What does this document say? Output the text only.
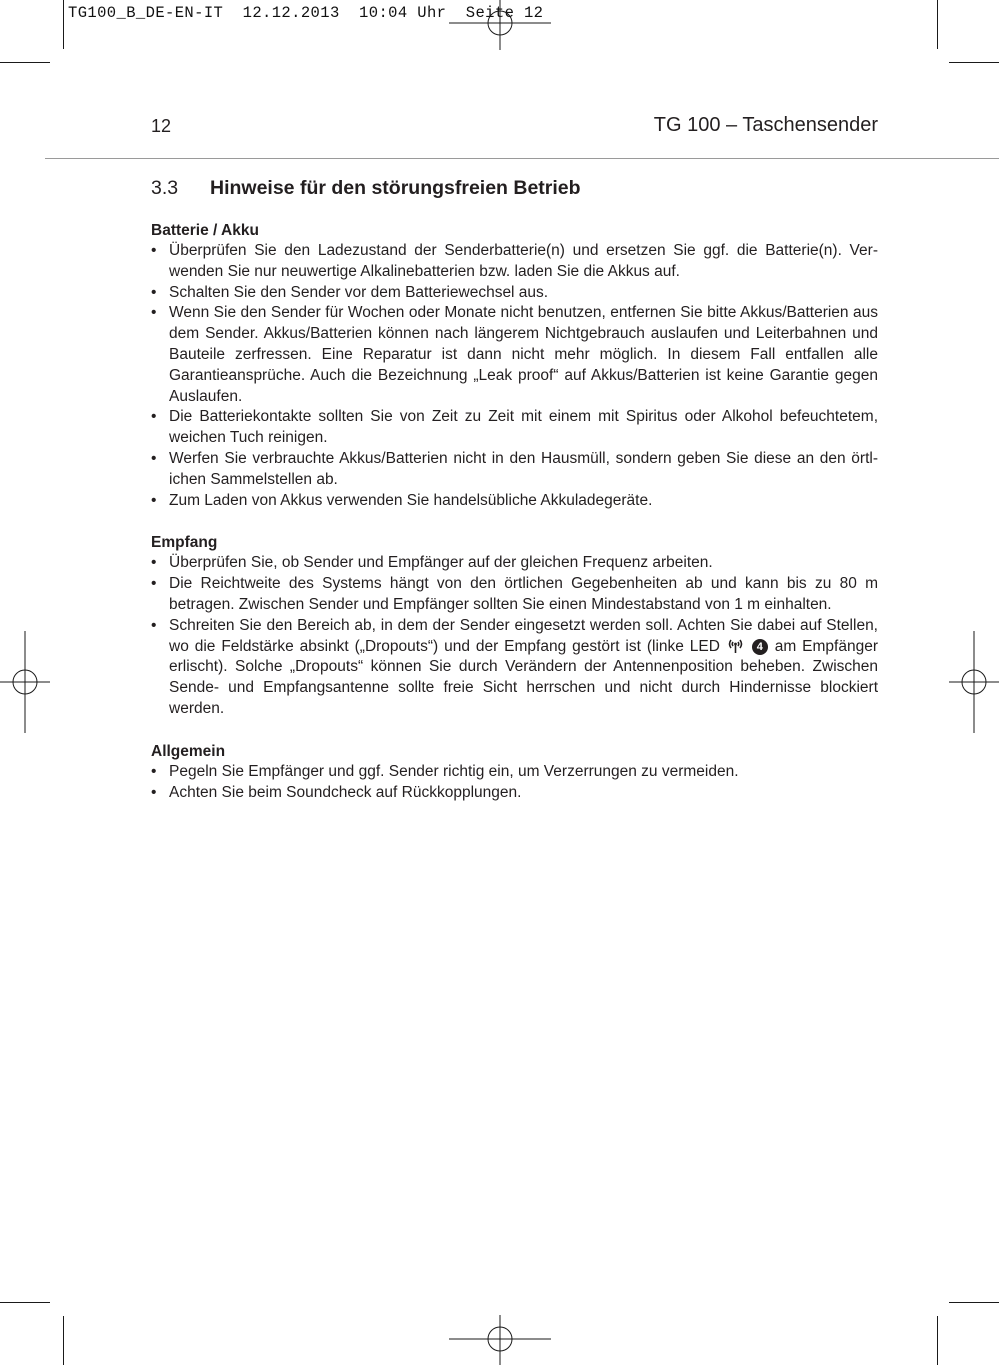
TG100_B_DE-EN-IT  12.12.2013  10:04 Uhr  Seite 12
12	TG 100 – Taschensender
3.3 Hinweise für den störungsfreien Betrieb
Batterie / Akku
• Überprüfen Sie den Ladezustand der Senderbatterie(n) und ersetzen Sie ggf. die Batterie(n). Verwenden Sie nur neuwertige Alkalinebatterien bzw. laden Sie die Akkus auf.
• Schalten Sie den Sender vor dem Batteriewechsel aus.
• Wenn Sie den Sender für Wochen oder Monate nicht benutzen, entfernen Sie bitte Akkus/Batterien aus dem Sender. Akkus/Batterien können nach längerem Nichtgebrauch auslaufen und Leiterbahnen und Bauteile zerfressen. Eine Reparatur ist dann nicht mehr möglich. In diesem Fall entfallen alle Garantieansprüche. Auch die Bezeichnung „Leak proof“ auf Akkus/Batterien ist keine Garantie gegen Auslaufen.
• Die Batteriekontakte sollten Sie von Zeit zu Zeit mit einem mit Spiritus oder Alkohol befeuchtetem, weichen Tuch reinigen.
• Werfen Sie verbrauchte Akkus/Batterien nicht in den Hausmüll, sondern geben Sie diese an den örtlichen Sammelstellen ab.
• Zum Laden von Akkus verwenden Sie handelsübliche Akkuladegeräte.
Empfang
• Überprüfen Sie, ob Sender und Empfänger auf der gleichen Frequenz arbeiten.
• Die Reichtweite des Systems hängt von den örtlichen Gegebenheiten ab und kann bis zu 80 m betragen. Zwischen Sender und Empfänger sollten Sie einen Mindestabstand von 1 m einhalten.
• Schreiten Sie den Bereich ab, in dem der Sender eingesetzt werden soll. Achten Sie dabei auf Stellen, wo die Feldstärke absinkt („Dropouts“) und der Empfang gestört ist (linke LED	4 am Empfänger erlischt). Solche „Dropouts“ können Sie durch Verändern der Antennenposition beheben. Zwischen Sende- und Empfangsantenne sollte freie Sicht herrschen und nicht durch Hindernisse blockiert werden.
Allgemein
• Pegeln Sie Empfänger und ggf. Sender richtig ein, um Verzerrungen zu vermeiden.
• Achten Sie beim Soundcheck auf Rückkopplungen.
